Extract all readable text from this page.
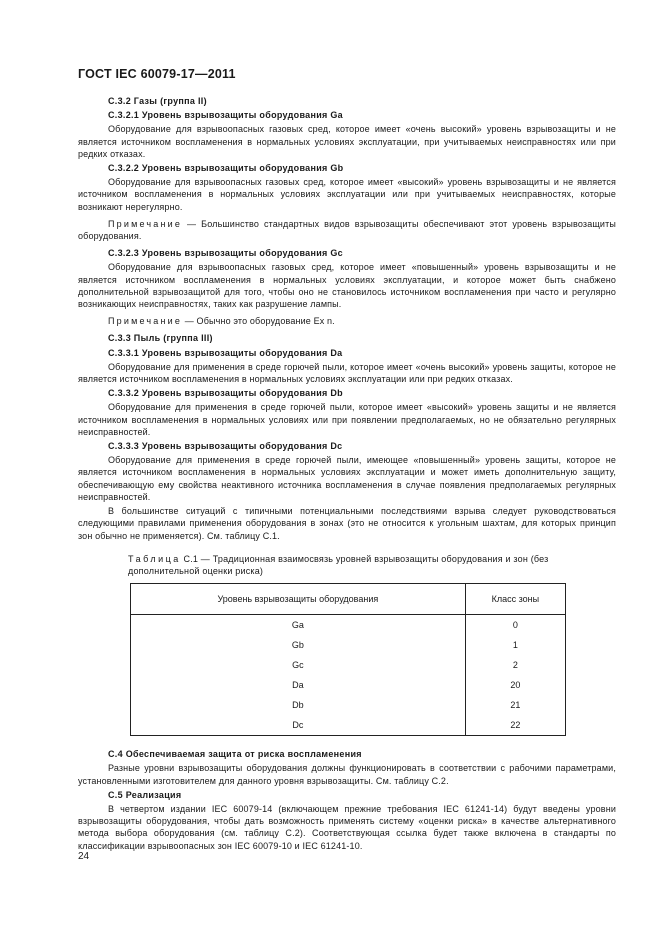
ГОСТ IEC 60079-17—2011
С.3.2 Газы (группа II)
С.3.2.1 Уровень взрывозащиты оборудования Ga
Оборудование для взрывоопасных газовых сред, которое имеет «очень высокий» уровень взрывозащиты и не является источником воспламенения в нормальных условиях эксплуатации, при учитываемых неисправностях или при редких отказах.
С.3.2.2 Уровень взрывозащиты оборудования Gb
Оборудование для взрывоопасных газовых сред, которое имеет «высокий» уровень взрывозащиты и не является источником воспламенения в нормальных условиях эксплуатации или при учитываемых неисправностях, которые возникают нерегулярно.
Примечание — Большинство стандартных видов взрывозащиты обеспечивают этот уровень взрывозащиты оборудования.
С.3.2.3 Уровень взрывозащиты оборудования Gc
Оборудование для взрывоопасных газовых сред, которое имеет «повышенный» уровень взрывозащиты и не является источником воспламенения в нормальных условиях эксплуатации, и которое может быть снабжено дополнительной взрывозащитой для того, чтобы оно не становилось источником воспламенения при часто и регулярно возникающих неисправностях, таких как разрушение лампы.
Примечание — Обычно это оборудование Ex n.
С.3.3 Пыль (группа III)
С.3.3.1 Уровень взрывозащиты оборудования Da
Оборудование для применения в среде горючей пыли, которое имеет «очень высокий» уровень защиты, которое не является источником воспламенения в нормальных условиях эксплуатации или при редких отказах.
С.3.3.2 Уровень взрывозащиты оборудования Db
Оборудование для применения в среде горючей пыли, которое имеет «высокий» уровень защиты и не является источником воспламенения в нормальных условиях или при появлении предполагаемых, но не обязательно регулярных неисправностей.
С.3.3.3 Уровень взрывозащиты оборудования Dc
Оборудование для применения в среде горючей пыли, имеющее «повышенный» уровень защиты, которое не является источником воспламенения в нормальных условиях эксплуатации и может иметь дополнительную защиту, обеспечивающую ему свойства неактивного источника воспламенения в случае появления предполагаемых регулярных неисправностей.
В большинстве ситуаций с типичными потенциальными последствиями взрыва следует руководствоваться следующими правилами применения оборудования в зонах (это не относится к угольным шахтам, для которых принцип зон обычно не применяется). См. таблицу С.1.
Таблица С.1 — Традиционная взаимосвязь уровней взрывозащиты оборудования и зон (без дополнительной оценки риска)
Уровень взрывозащиты оборудования	Класс зоны
Ga	0
Gb	1
Gc	2
Da	20
Db	21
Dc	22
С.4 Обеспечиваемая защита от риска воспламенения
Разные уровни взрывозащиты оборудования должны функционировать в соответствии с рабочими параметрами, установленными изготовителем для данного уровня взрывозащиты. См. таблицу С.2.
С.5 Реализация
В четвертом издании IEC 60079-14 (включающем прежние требования IEC 61241-14) будут введены уровни взрывозащиты оборудования, чтобы дать возможность применять систему «оценки риска» в качестве альтернативного метода выбора оборудования (см. таблицу С.2). Соответствующая ссылка будет также включена в стандарты по классификации взрывоопасных зон IEC 60079-10 и IEC 61241-10.
24
